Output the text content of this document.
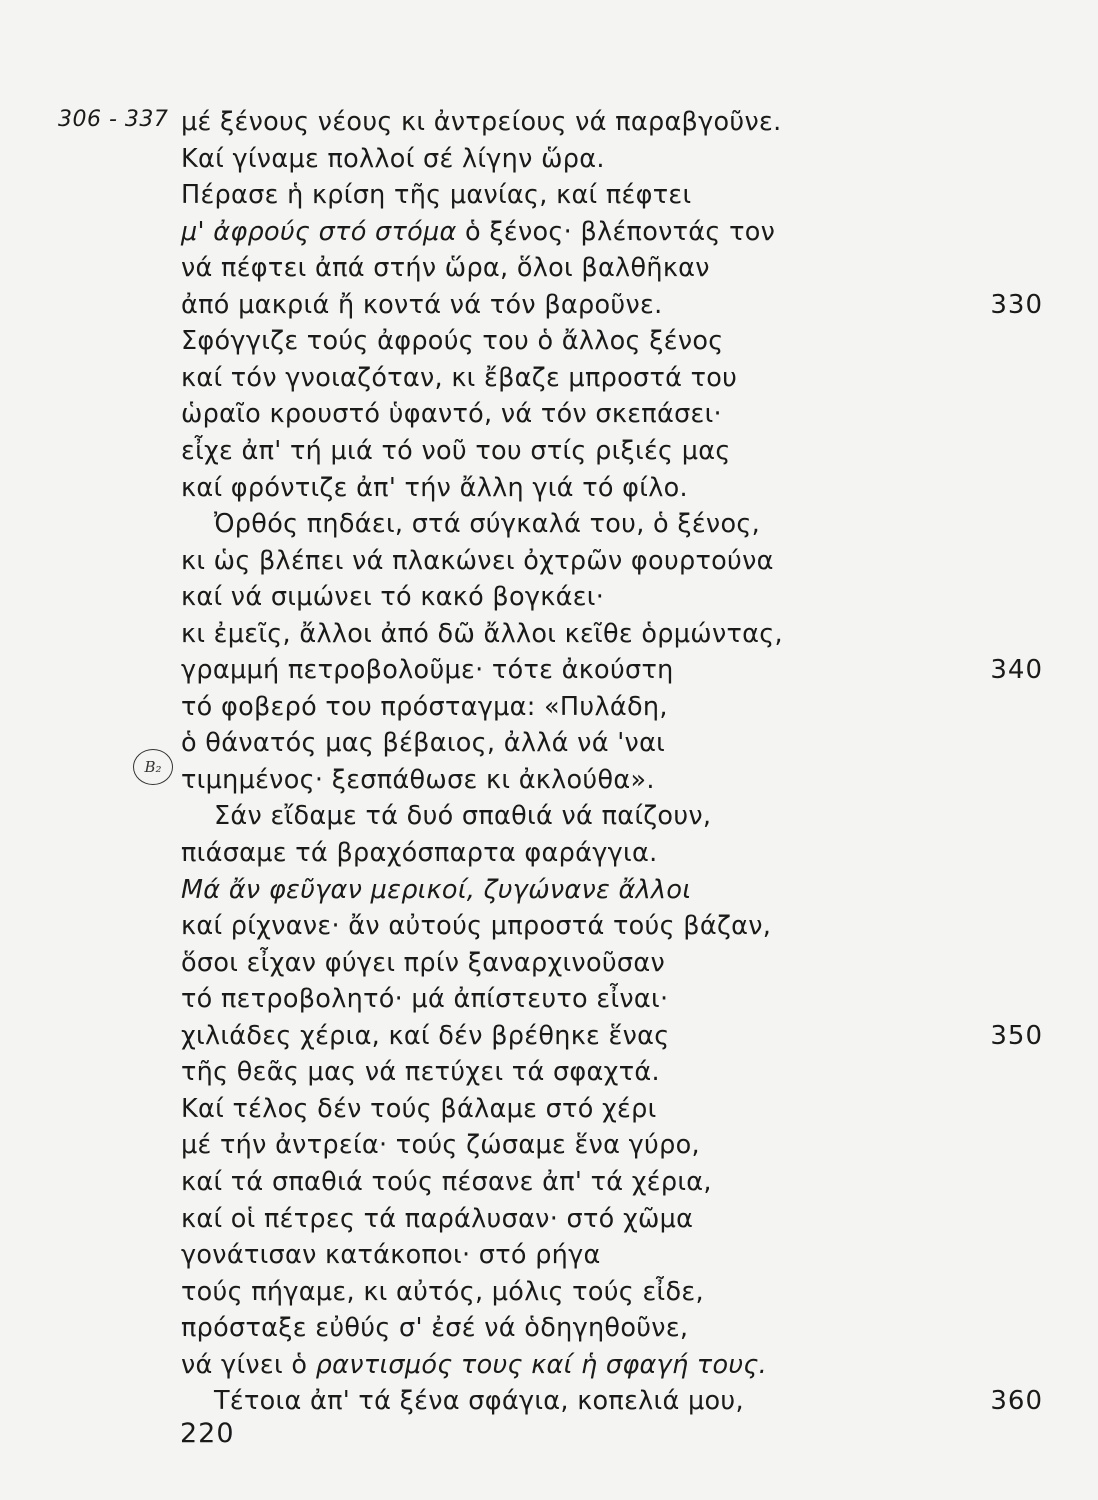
306 - 337 μέ ξένους νέους κι ἀντρείους νά παραβγοῦνε.
Καί γίναμε πολλοί σέ λίγην ὥρα.
Πέρασε ἡ κρίση τῆς μανίας, καί πέφτει
μ' ἀφρούς στό στόμα ὁ ξένος· βλέποντάς τον
νά πέφτει ἀπά στήν ὥρα, ὅλοι βαλθῆκαν
ἀπό μακριά ἤ κοντά νά τόν βαροῦνε.	330
Σφόγγιζε τούς ἀφρούς του ὁ ἄλλος ξένος
καί τόν γνοιαζόταν, κι ἔβαζε μπροστά του
ὡραῖο κρουστό ὑφαντό, νά τόν σκεπάσει·
εἶχε ἀπ' τή μιά τό νοῦ του στίς ριξιές μας
καί φρόντιζε ἀπ' τήν ἄλλη γιά τό φίλο.
Ὀρθός πηδάει, στά σύγκαλά του, ὁ ξένος,
κι ὡς βλέπει νά πλακώνει ὀχτρῶν φουρτούνα
καί νά σιμώνει τό κακό βογκάει·
κι ἐμεῖς, ἄλλοι ἀπό δῶ ἄλλοι κεῖθε ὁρμώντας,
γραμμή πετροβολοῦμε· τότε ἀκούστη	340
τό φοβερό του πρόσταγμα: «Πυλάδη,
ὁ θάνατός μας βέβαιος, ἀλλά νά 'ναι
τιμημένος· ξεσπάθωσε κι ἀκλούθα».
Σάν εἴδαμε τά δυό σπαθιά νά παίζουν,
πιάσαμε τά βραχόσπαρτα φαράγγια.
Μά ἄν φεῦγαν μερικοί, ζυγώνανε ἄλλοι
καί ρίχνανε· ἄν αὐτούς μπροστά τούς βάζαν,
ὅσοι εἶχαν φύγει πρίν ξαναρχινοῦσαν
τό πετροβολητό· μά ἀπίστευτο εἶναι·
χιλιάδες χέρια, καί δέν βρέθηκε ἕνας	350
τῆς θεᾶς μας νά πετύχει τά σφαχτά.
Καί τέλος δέν τούς βάλαμε στό χέρι
μέ τήν ἀντρεία· τούς ζώσαμε ἕνα γύρο,
καί τά σπαθιά τούς πέσανε ἀπ' τά χέρια,
καί οἱ πέτρες τά παράλυσαν· στό χῶμα
γονάτισαν κατάκοποι· στό ρήγα
τούς πήγαμε, κι αὐτός, μόλις τούς εἶδε,
πρόσταξε εὐθύς σ' ἐσέ νά ὁδηγηθοῦνε,
νά γίνει ὁ ραντισμός τους καί ἡ σφαγή τους.
Τέτοια ἀπ' τά ξένα σφάγια, κοπελιά μου,	360
B₂
220
